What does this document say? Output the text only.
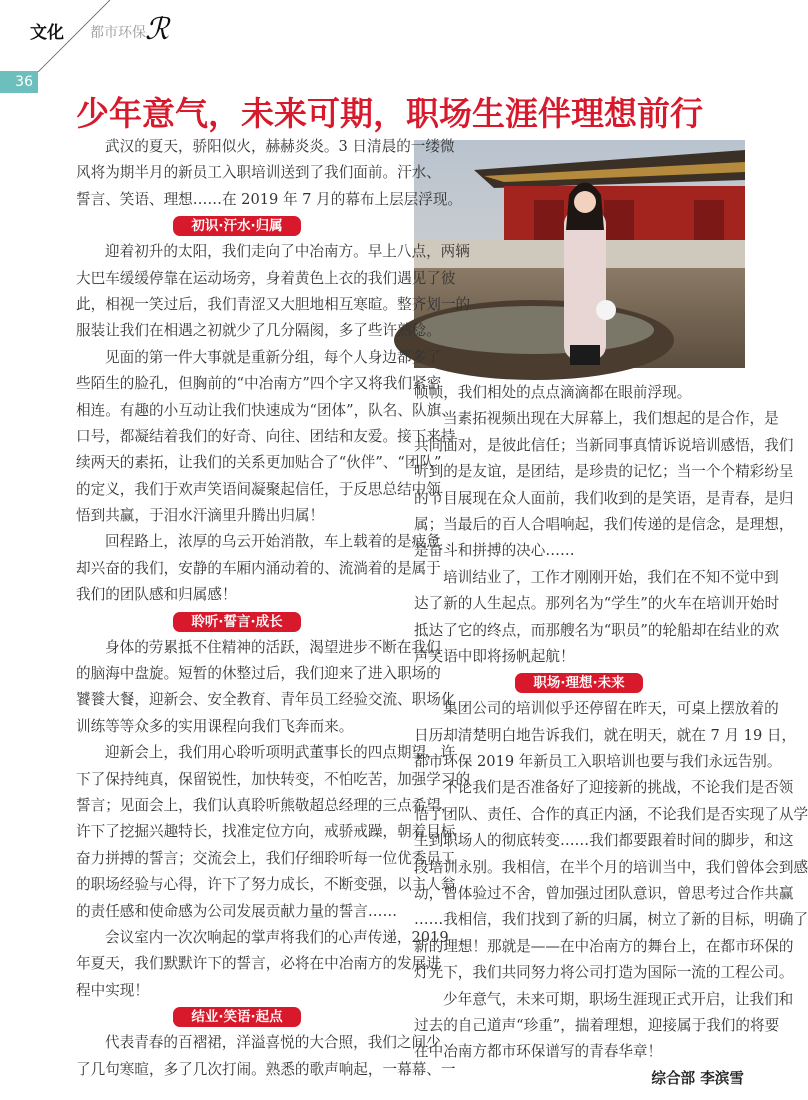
文化 都市环保 ℛ
36
少年意气，未来可期，职场生涯伴理想前行
武汉的夏天，骄阳似火，赫赫炎炎。3 日清晨的一缕微
风将为期半月的新员工入职培训送到了我们面前。汗水、
誓言、笑语、理想……在 2019 年 7 月的幕布上层层浮现。
初识·汗水·归属
迎着初升的太阳，我们走向了中冶南方。早上八点，两辆
大巴车缓缓停靠在运动场旁，身着黄色上衣的我们遇见了彼
此，相视一笑过后，我们青涩又大胆地相互寒暄。整齐划一的
服装让我们在相遇之初就少了几分隔阂，多了些许熟稔。
见面的第一件大事就是重新分组，每个人身边都多了
些陌生的脸孔，但胸前的“中冶南方”四个字又将我们紧密
相连。有趣的小互动让我们快速成为“团体”，队名、队旗、
口号，都凝结着我们的好奇、向往、团结和友爱。接下来持
续两天的素拓，让我们的关系更加贴合了“伙伴”、“团队”
的定义，我们于欢声笑语间凝聚起信任，于反思总结中领
悟到共赢，于泪水汗滴里升腾出归属！
回程路上，浓厚的乌云开始消散，车上载着的是疲惫
却兴奋的我们，安静的车厢内涌动着的、流淌着的是属于
我们的团队感和归属感！
聆听·誓言·成长
身体的劳累抵不住精神的活跃，渴望进步不断在我们
的脑海中盘旋。短暂的休整过后，我们迎来了进入职场的
饕餮大餐，迎新会、安全教育、青年员工经验交流、职场化
训练等等众多的实用课程向我们飞奔而来。
迎新会上，我们用心聆听项明武董事长的四点期望，许
下了保持纯真，保留锐性，加快转变，不怕吃苦，加强学习的
誓言；见面会上，我们认真聆听熊敬超总经理的三点希望，
许下了挖掘兴趣特长，找准定位方向，戒骄戒躁，朝着目标
奋力拼搏的誓言；交流会上，我们仔细聆听每一位优秀员工
的职场经验与心得，许下了努力成长，不断变强，以主人翁
的责任感和使命感为公司发展贡献力量的誓言……
会议室内一次次响起的掌声将我们的心声传递，2019
年夏天，我们默默许下的誓言，必将在中冶南方的发展进
程中实现！
结业·笑语·起点
代表青春的百褶裙，洋溢喜悦的大合照，我们之间少
了几句寒暄，多了几次打闹。熟悉的歌声响起，一幕幕、一
帧帧，我们相处的点点滴滴都在眼前浮现。
当素拓视频出现在大屏幕上，我们想起的是合作，是
共同面对，是彼此信任；当新同事真情诉说培训感悟，我们
听到的是友谊，是团结，是珍贵的记忆；当一个个精彩纷呈
的节目展现在众人面前，我们收到的是笑语，是青春，是归
属；当最后的百人合唱响起，我们传递的是信念，是理想，
是奋斗和拼搏的决心……
培训结业了，工作才刚刚开始，我们在不知不觉中到
达了新的人生起点。那列名为“学生”的火车在培训开始时
抵达了它的终点，而那艘名为“职员”的轮船却在结业的欢
声笑语中即将扬帆起航！
职场·理想·未来
集团公司的培训似乎还停留在昨天，可桌上摆放着的
日历却清楚明白地告诉我们，就在明天，就在 7 月 19 日，
都市环保 2019 年新员工入职培训也要与我们永远告别。
不论我们是否准备好了迎接新的挑战，不论我们是否领
悟了团队、责任、合作的真正内涵，不论我们是否实现了从学
生到职场人的彻底转变……我们都要跟着时间的脚步，和这
段培训永别。我相信，在半个月的培训当中，我们曾体会到感
动，曾体验过不舍，曾加强过团队意识，曾思考过合作共赢
……我相信，我们找到了新的归属，树立了新的目标，明确了
新的理想！那就是——在中冶南方的舞台上，在都市环保的
灯光下，我们共同努力将公司打造为国际一流的工程公司。
少年意气，未来可期，职场生涯现正式开启，让我们和
过去的自己道声“珍重”，揣着理想，迎接属于我们的将要
在中冶南方都市环保谱写的青春华章！
综合部 李滨雪
